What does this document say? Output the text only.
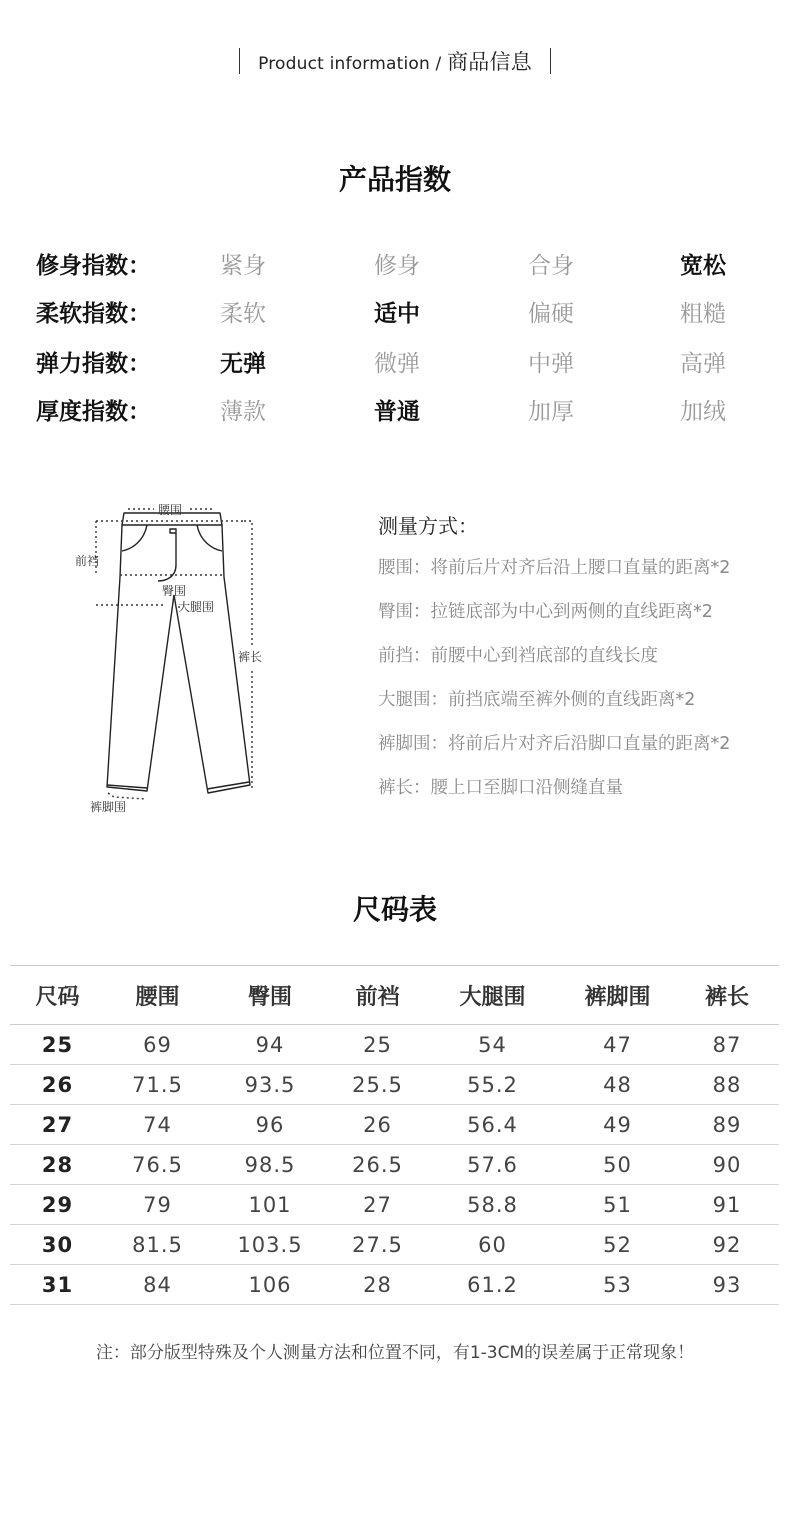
Product information / 商品信息
产品指数
修身指数：	紧身	修身	合身	宽松
柔软指数：	柔软	适中	偏硬	粗糙
弹力指数：	无弹	微弹	中弹	高弹
厚度指数：	薄款	普通	加厚	加绒
腰围
前裆
臀围
大腿围
裤长
裤脚围
测量方式：
腰围：将前后片对齐后沿上腰口直量的距离*2
臀围：拉链底部为中心到两侧的直线距离*2
前挡：前腰中心到裆底部的直线长度
大腿围：前挡底端至裤外侧的直线距离*2
裤脚围：将前后片对齐后沿脚口直量的距离*2
裤长：腰上口至脚口沿侧缝直量
尺码表
尺码	腰围	臀围	前裆	大腿围	裤脚围	裤长
25	69	94	25	54	47	87
26	71.5	93.5	25.5	55.2	48	88
27	74	96	26	56.4	49	89
28	76.5	98.5	26.5	57.6	50	90
29	79	101	27	58.8	51	91
30	81.5	103.5	27.5	60	52	92
31	84	106	28	61.2	53	93
注：部分版型特殊及个人测量方法和位置不同，有1-3CM的误差属于正常现象！
